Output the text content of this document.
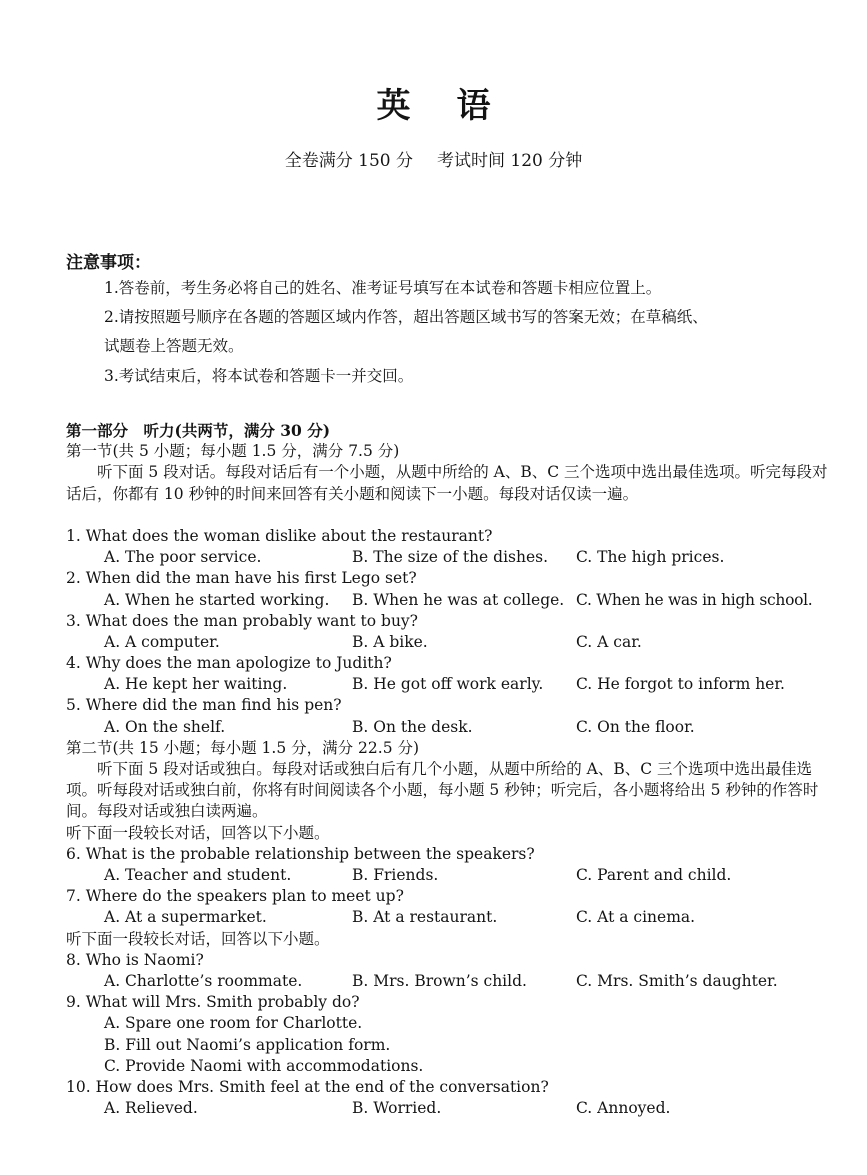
英语
全卷满分 150 分 考试时间 120 分钟
注意事项：
1.答卷前，考生务必将自己的姓名、准考证号填写在本试卷和答题卡相应位置上。
2.请按照题号顺序在各题的答题区域内作答，超出答题区域书写的答案无效；在草稿纸、
试题卷上答题无效。
3.考试结束后，将本试卷和答题卡一并交回。
第一部分　听力(共两节，满分 30 分)
第一节(共 5 小题；每小题 1.5 分，满分 7.5 分)
听下面 5 段对话。每段对话后有一个小题，从题中所给的 A、B、C 三个选项中选出最佳选项。听完每段对话后，你都有 10 秒钟的时间来回答有关小题和阅读下一小题。每段对话仅读一遍。
1. What does the woman dislike about the restaurant?
A. The poor service.	B. The size of the dishes. C. The high prices.
2. When did the man have his first Lego set?
A. When he started working. B. When he was at college. C. When he was in high school.
3. What does the man probably want to buy?
A. A computer.	B. A bike.	C. A car.
4. Why does the man apologize to Judith?
A. He kept her waiting.	B. He got off work early. C. He forgot to inform her.
5. Where did the man find his pen?
A. On the shelf.	B. On the desk.	C. On the floor.
第二节(共 15 小题；每小题 1.5 分，满分 22.5 分)
听下面 5 段对话或独白。每段对话或独白后有几个小题，从题中所给的 A、B、C 三个选项中选出最佳选项。听每段对话或独白前，你将有时间阅读各个小题，每小题 5 秒钟；听完后，各小题将给出 5 秒钟的作答时间。每段对话或独白读两遍。
听下面一段较长对话，回答以下小题。
6. What is the probable relationship between the speakers?
A. Teacher and student.	B. Friends.	C. Parent and child.
7. Where do the speakers plan to meet up?
A. At a supermarket.	B. At a restaurant.	C. At a cinema.
听下面一段较长对话，回答以下小题。
8. Who is Naomi?
A. Charlotte’s roommate.	B. Mrs. Brown’s child.	C. Mrs. Smith’s daughter.
9. What will Mrs. Smith probably do?
A. Spare one room for Charlotte.
B. Fill out Naomi’s application form.
C. Provide Naomi with accommodations.
10. How does Mrs. Smith feel at the end of the conversation?
A. Relieved.	B. Worried.	C. Annoyed.
